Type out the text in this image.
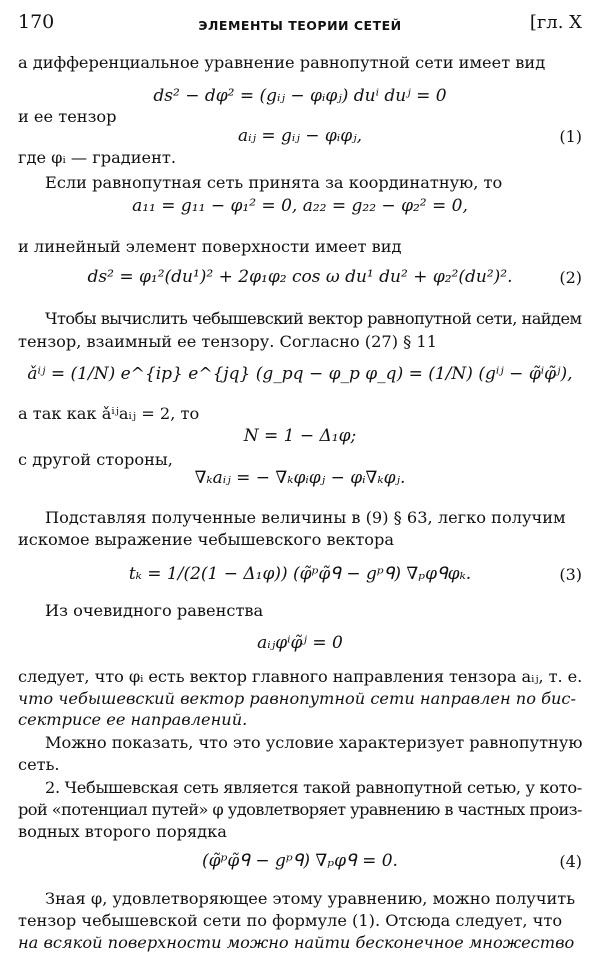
170	ЭЛЕМЕНТЫ ТЕОРИИ СЕТЕЙ	[гл. X

а дифференциальное уравнение равнопутной сети имеет вид

ds² − dφ² = (gᵢⱼ − φᵢφⱼ) duⁱ duʲ = 0

и ее тензор

aᵢⱼ = gᵢⱼ − φᵢφⱼ,	(1)

где φᵢ — градиент.

Если равнопутная сеть принята за координатную, то

a₁₁ = g₁₁ − φ₁² = 0, a₂₂ = g₂₂ − φ₂² = 0,

и линейный элемент поверхности имеет вид

ds² = φ₁²(du¹)² + 2φ₁φ₂ cos ω du¹ du² + φ₂²(du²)².	(2)

Чтобы вычислить чебышевский вектор равнопутной сети, найдем

тензор, взаимный ее тензору. Согласно (27) § 11

ǎⁱʲ = (1/N) e^{ip} e^{jq} (g_pq − φ_p φ_q) = (1/N) (gⁱʲ − φ̃ⁱφ̃ʲ),

а так как ǎⁱʲaᵢⱼ = 2, то

N = 1 − Δ₁φ;

с другой стороны,

∇ₖaᵢⱼ = − ∇ₖφᵢφⱼ − φᵢ∇ₖφⱼ.

Подставляя полученные величины в (9) § 63, легко получим

искомое выражение чебышевского вектора

tₖ = 1/(2(1 − Δ₁φ)) (φ̃ᵖφ̃ᑫ − gᵖᑫ) ∇ₚφᑫφₖ.	(3)

Из очевидного равенства

aᵢⱼφⁱφ̃ʲ = 0

следует, что φᵢ есть вектор главного направления тензора aᵢⱼ, т. е.

что чебышевский вектор равнопутной сети направлен по бис-

сектрисе ее направлений.

Можно показать, что это условие характеризует равнопутную

сеть.

2. Чебышевская сеть является такой равнопутной сетью, у кото-

рой «потенциал путей» φ удовлетворяет уравнению в частных произ-

водных второго порядка

(φ̃ᵖφ̃ᑫ − gᵖᑫ) ∇ₚφᑫ = 0.	(4)

Зная φ, удовлетворяющее этому уравнению, можно получить

тензор чебышевской сети по формуле (1). Отсюда следует, что

на всякой поверхности можно найти бесконечное множество
